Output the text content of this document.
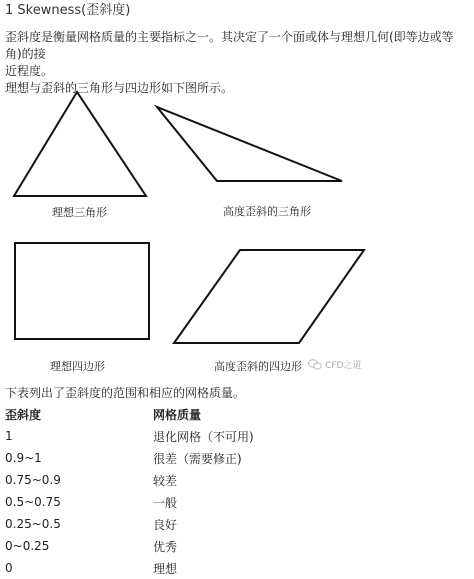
1 Skewness(歪斜度)

歪斜度是衡量网格质量的主要指标之一。其决定了一个面或体与理想几何(即等边或等角)的接

近程度。

理想与歪斜的三角形与四边形如下图所示。

理想三角形	高度歪斜的三角形
理想四边形	高度歪斜的四边形	CFD之道
下表列出了歪斜度的范围和相应的网格质量。
歪斜度	网格质量
1	退化网格（不可用)
0.9~1	很差（需要修正)
0.75~0.9	较差
0.5~0.75	一般
0.25~0.5	良好
0~0.25	优秀
0	理想
